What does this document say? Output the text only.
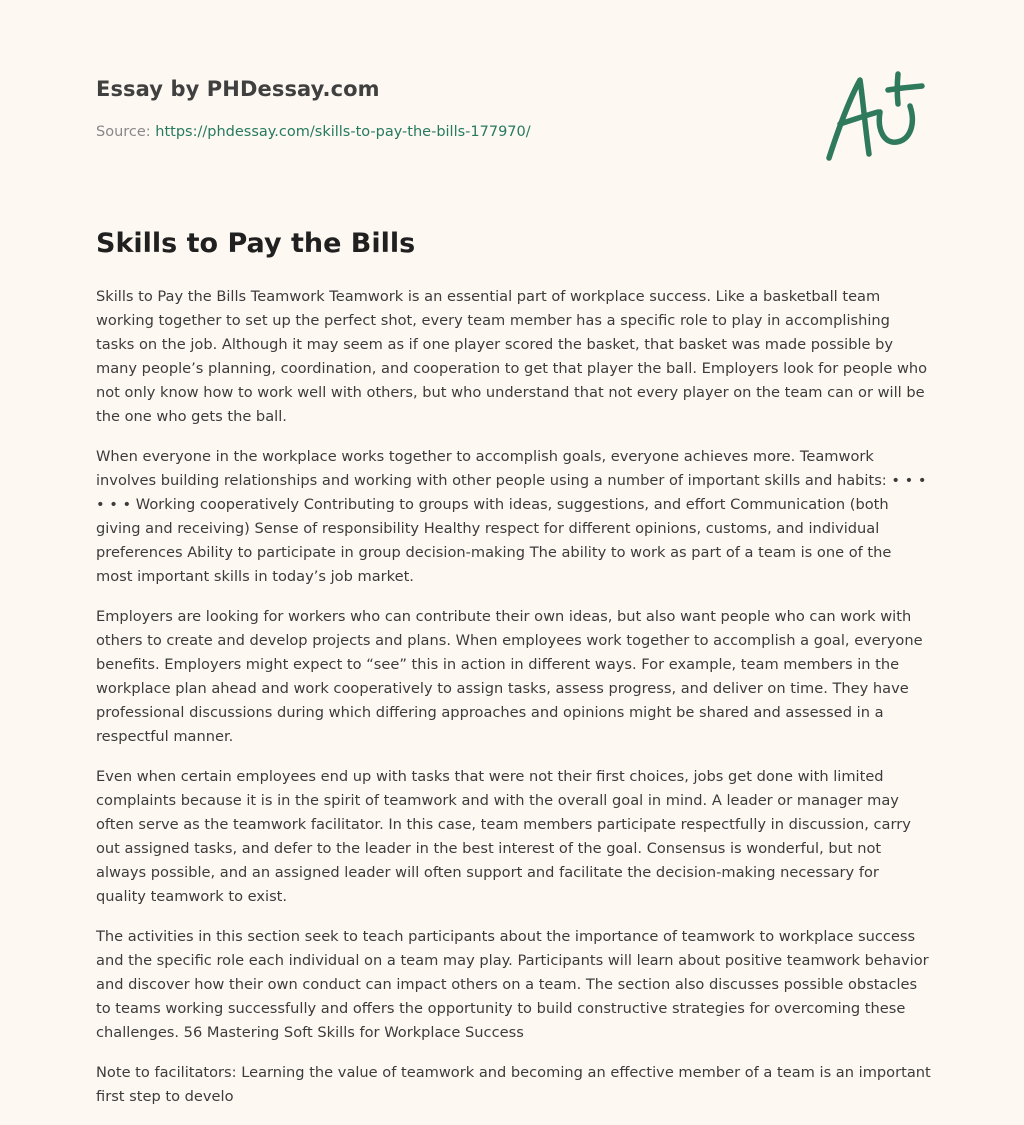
Essay by PHDessay.com

Source: https://phdessay.com/skills-to-pay-the-bills-177970/

Skills to Pay the Bills

Skills to Pay the Bills Teamwork Teamwork is an essential part of workplace success. Like a basketball team working together to set up the perfect shot, every team member has a specific role to play in accomplishing tasks on the job. Although it may seem as if one player scored the basket, that basket was made possible by many people’s planning, coordination, and cooperation to get that player the ball. Employers look for people who not only know how to work well with others, but who understand that not every player on the team can or will be the one who gets the ball.

When everyone in the workplace works together to accomplish goals, everyone achieves more. Teamwork involves building relationships and working with other people using a number of important skills and habits: • • • • • • Working cooperatively Contributing to groups with ideas, suggestions, and effort Communication (both giving and receiving) Sense of responsibility Healthy respect for different opinions, customs, and individual preferences Ability to participate in group decision-making The ability to work as part of a team is one of the most important skills in today’s job market.

Employers are looking for workers who can contribute their own ideas, but also want people who can work with others to create and develop projects and plans. When employees work together to accomplish a goal, everyone benefits. Employers might expect to “see” this in action in different ways. For example, team members in the workplace plan ahead and work cooperatively to assign tasks, assess progress, and deliver on time. They have professional discussions during which differing approaches and opinions might be shared and assessed in a respectful manner.

Even when certain employees end up with tasks that were not their first choices, jobs get done with limited complaints because it is in the spirit of teamwork and with the overall goal in mind. A leader or manager may often serve as the teamwork facilitator. In this case, team members participate respectfully in discussion, carry out assigned tasks, and defer to the leader in the best interest of the goal. Consensus is wonderful, but not always possible, and an assigned leader will often support and facilitate the decision-making necessary for quality teamwork to exist.

The activities in this section seek to teach participants about the importance of teamwork to workplace success and the specific role each individual on a team may play. Participants will learn about positive teamwork behavior and discover how their own conduct can impact others on a team. The section also discusses possible obstacles to teams working successfully and offers the opportunity to build constructive strategies for overcoming these challenges. 56 Mastering Soft Skills for Workplace Success

Note to facilitators: Learning the value of teamwork and becoming an effective member of a team is an important first step to develo
